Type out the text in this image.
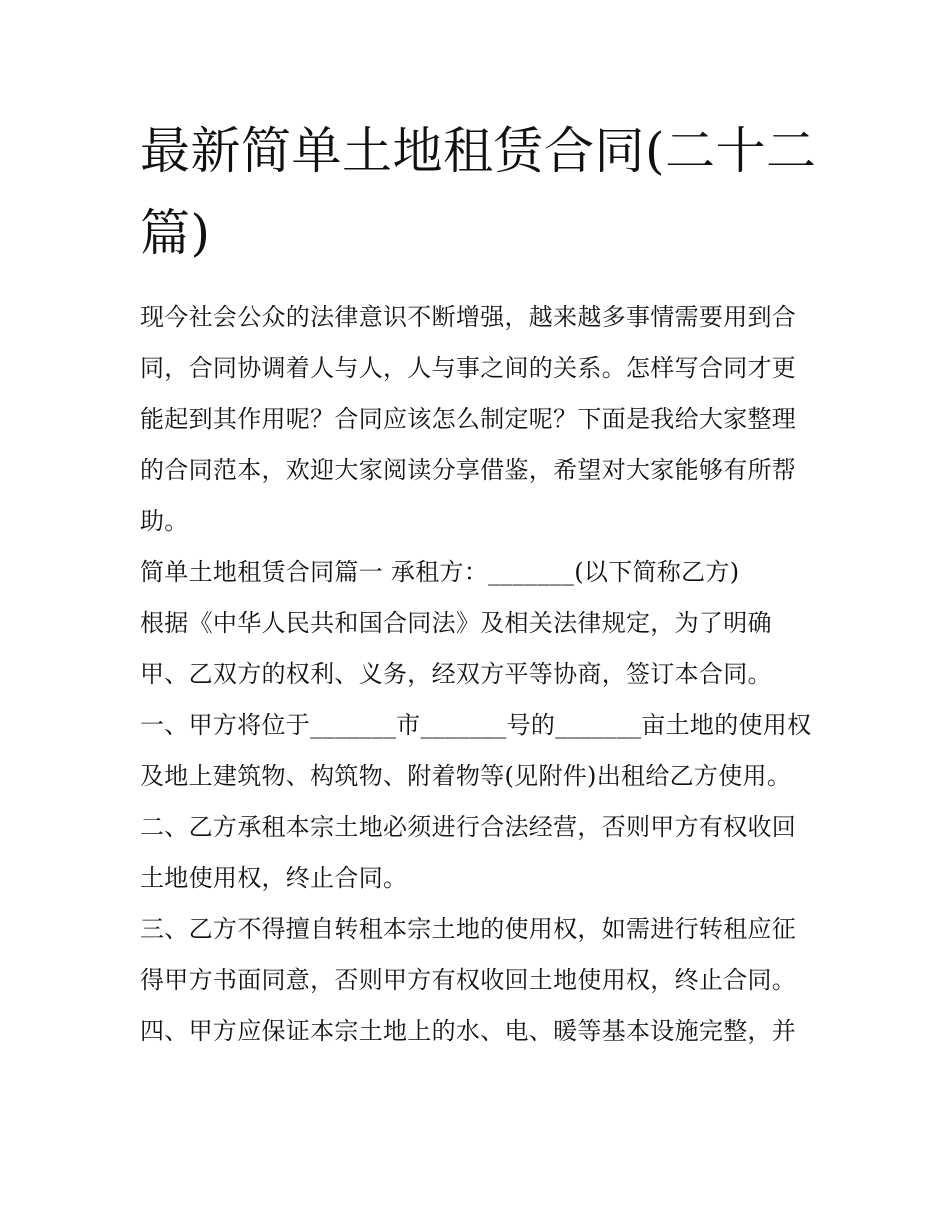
最新简单土地租赁合同(二十二篇)

现今社会公众的法律意识不断增强，越来越多事情需要用到合同，合同协调着人与人，人与事之间的关系。怎样写合同才更能起到其作用呢？合同应该怎么制定呢？下面是我给大家整理的合同范本，欢迎大家阅读分享借鉴，希望对大家能够有所帮助。

简单土地租赁合同篇一 承租方：_______(以下简称乙方)

根据《中华人民共和国合同法》及相关法律规定，为了明确甲、乙双方的权利、义务，经双方平等协商，签订本合同。

一、甲方将位于_______市_______号的_______亩土地的使用权及地上建筑物、构筑物、附着物等(见附件)出租给乙方使用。

二、乙方承租本宗土地必须进行合法经营，否则甲方有权收回土地使用权，终止合同。

三、乙方不得擅自转租本宗土地的使用权，如需进行转租应征得甲方书面同意，否则甲方有权收回土地使用权，终止合同。

四、甲方应保证本宗土地上的水、电、暖等基本设施完整，并
